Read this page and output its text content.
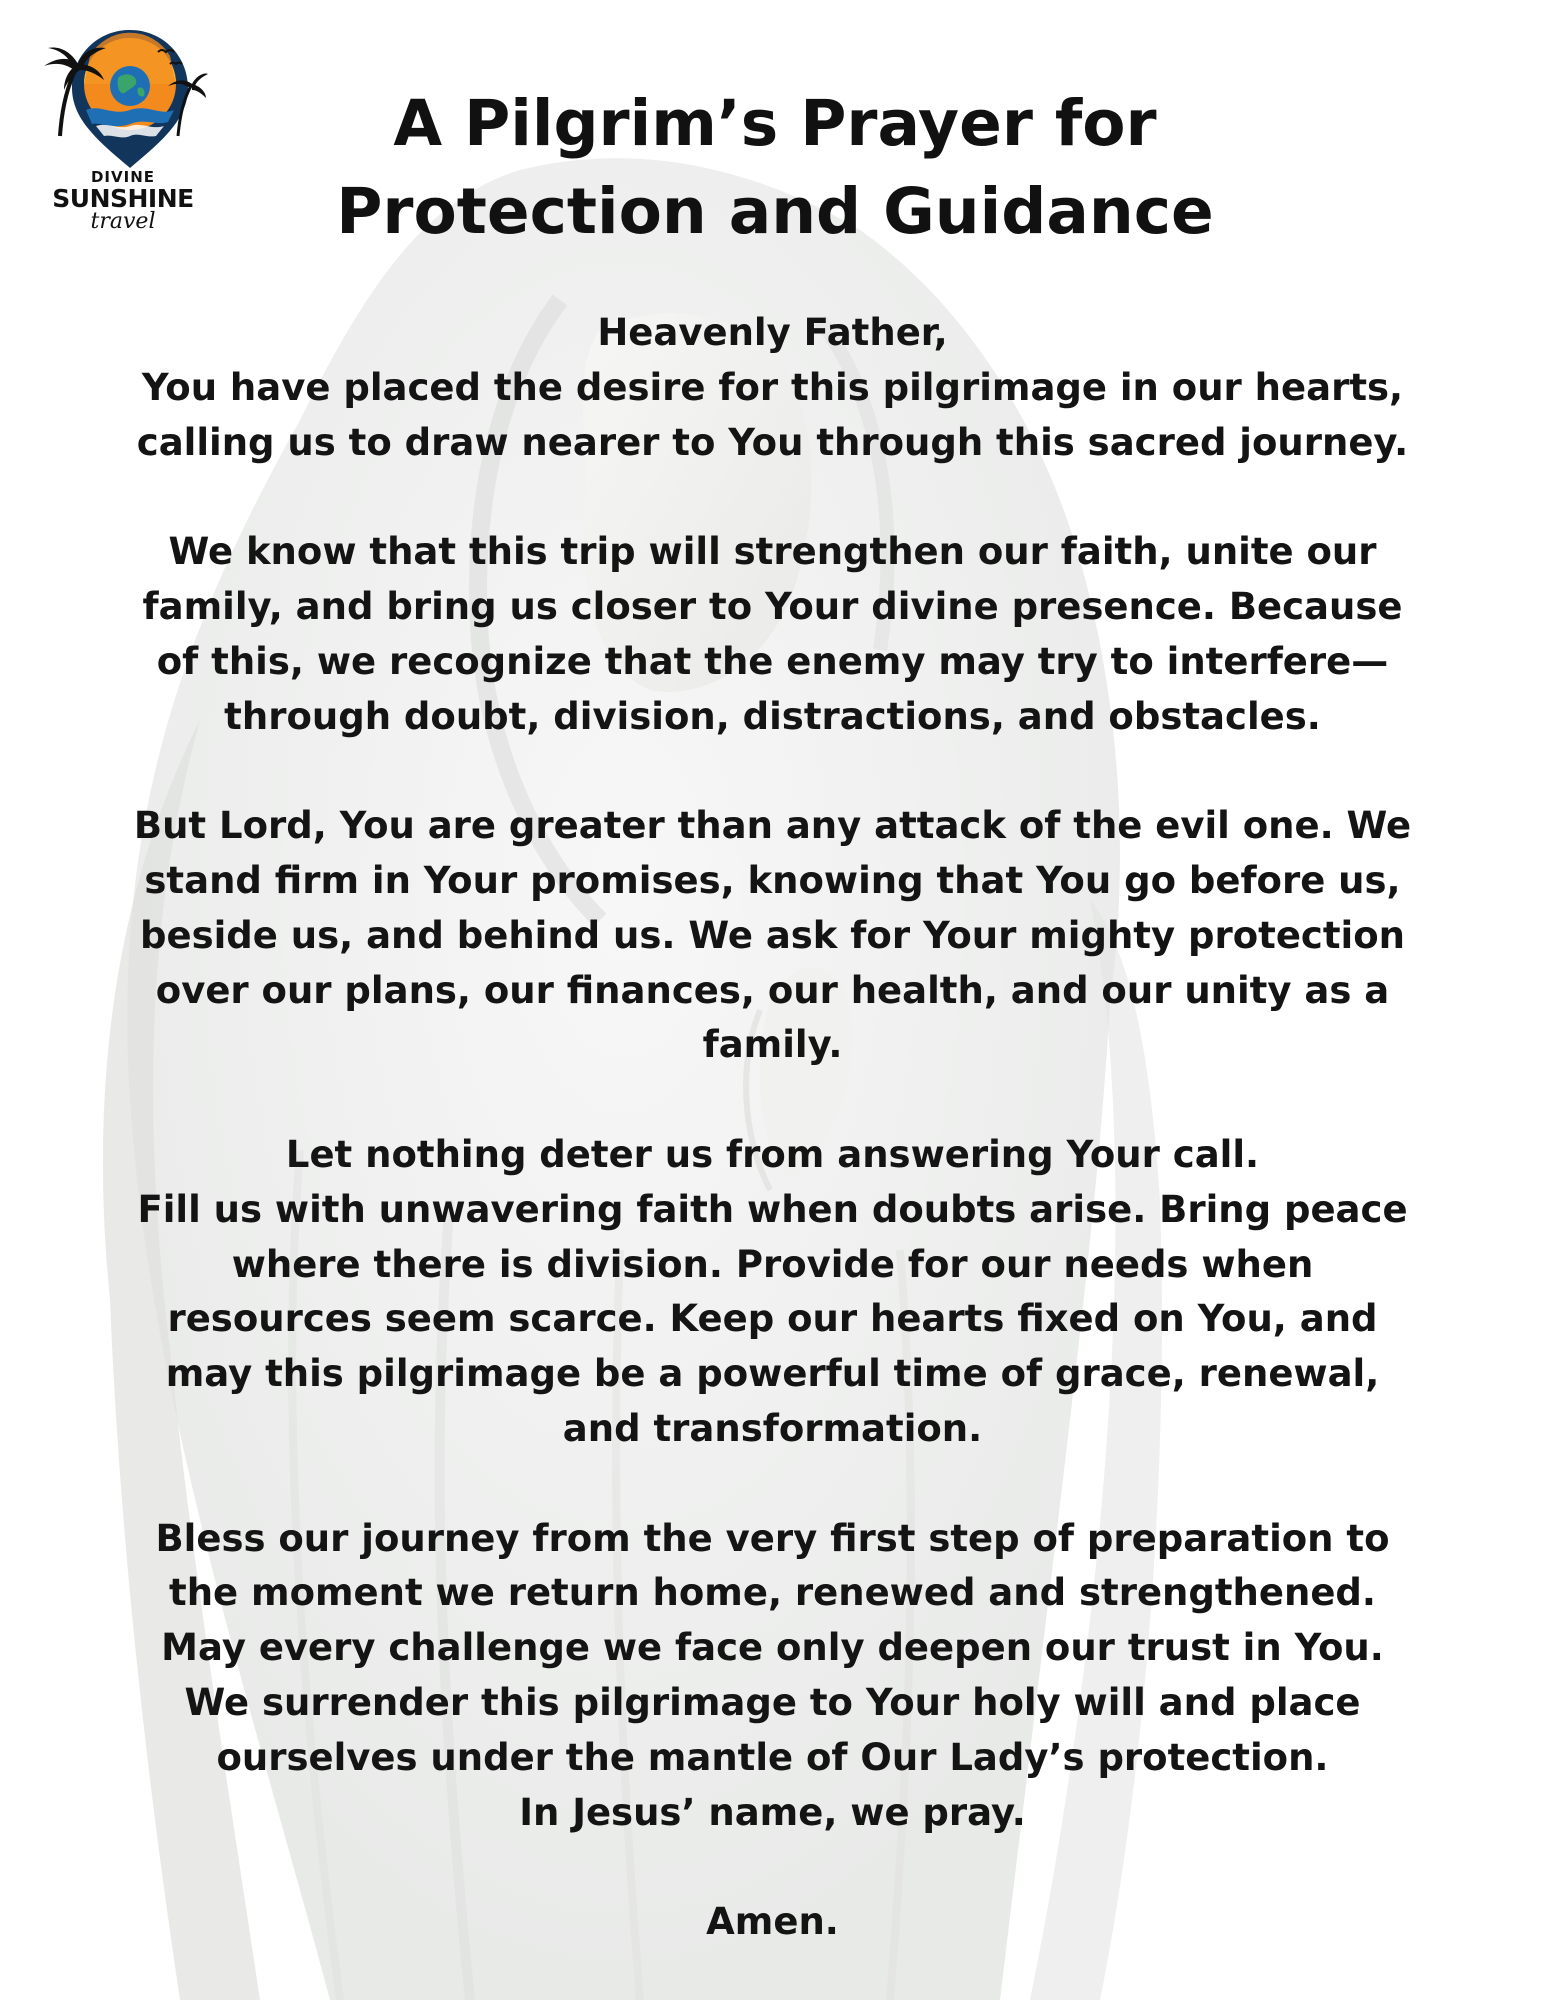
DIVINE
SUNSHINE
travel
A Pilgrim’s Prayer for
Protection and Guidance

Heavenly Father,
You have placed the desire for this pilgrimage in our hearts,
calling us to draw nearer to You through this sacred journey.

We know that this trip will strengthen our faith, unite our
family, and bring us closer to Your divine presence. Because
of this, we recognize that the enemy may try to interfere—
through doubt, division, distractions, and obstacles.

But Lord, You are greater than any attack of the evil one. We
stand firm in Your promises, knowing that You go before us,
beside us, and behind us. We ask for Your mighty protection
over our plans, our finances, our health, and our unity as a
family.

Let nothing deter us from answering Your call.
Fill us with unwavering faith when doubts arise. Bring peace
where there is division. Provide for our needs when
resources seem scarce. Keep our hearts fixed on You, and
may this pilgrimage be a powerful time of grace, renewal,
and transformation.

Bless our journey from the very first step of preparation to
the moment we return home, renewed and strengthened.
May every challenge we face only deepen our trust in You.
We surrender this pilgrimage to Your holy will and place
ourselves under the mantle of Our Lady’s protection.
In Jesus’ name, we pray.

Amen.
